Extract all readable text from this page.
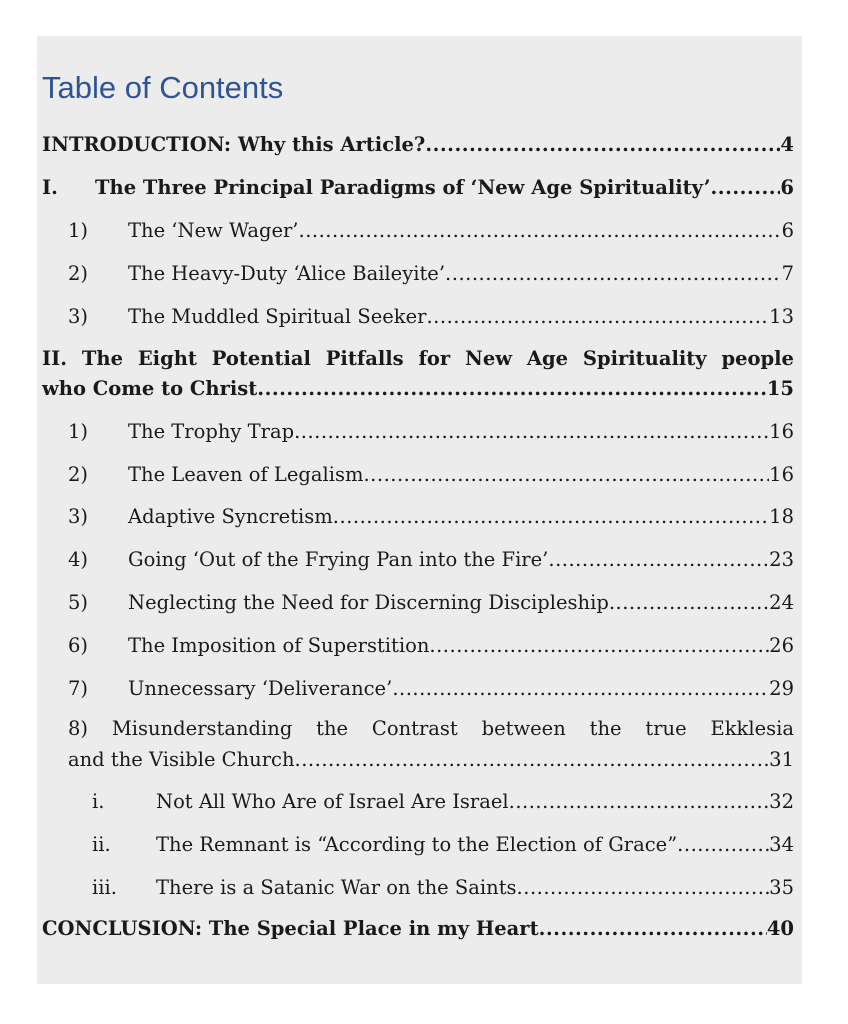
Table of Contents
INTRODUCTION: Why this Article? .....	4
I.	The Three Principal Paradigms of ‘New Age Spirituality’ .....	6
1)	The ‘New Wager’ .....	6
2)	The Heavy-Duty ‘Alice Baileyite’ .....	7
3)	The Muddled Spiritual Seeker .....	13
II. The Eight Potential Pitfalls for New Age Spirituality people
who Come to Christ .....	15
1)	The Trophy Trap .....	16
2)	The Leaven of Legalism .....	16
3)	Adaptive Syncretism .....	18
4)	Going ‘Out of the Frying Pan into the Fire’ .....	23
5)	Neglecting the Need for Discerning Discipleship .....	24
6)	The Imposition of Superstition .....	26
7)	Unnecessary ‘Deliverance’ .....	29
8) Misunderstanding the Contrast between the true Ekklesia
and the Visible Church .....	31
i.	Not All Who Are of Israel Are Israel .....	32
ii.	The Remnant is “According to the Election of Grace” .....	34
iii.	There is a Satanic War on the Saints .....	35
CONCLUSION: The Special Place in my Heart .....	40
